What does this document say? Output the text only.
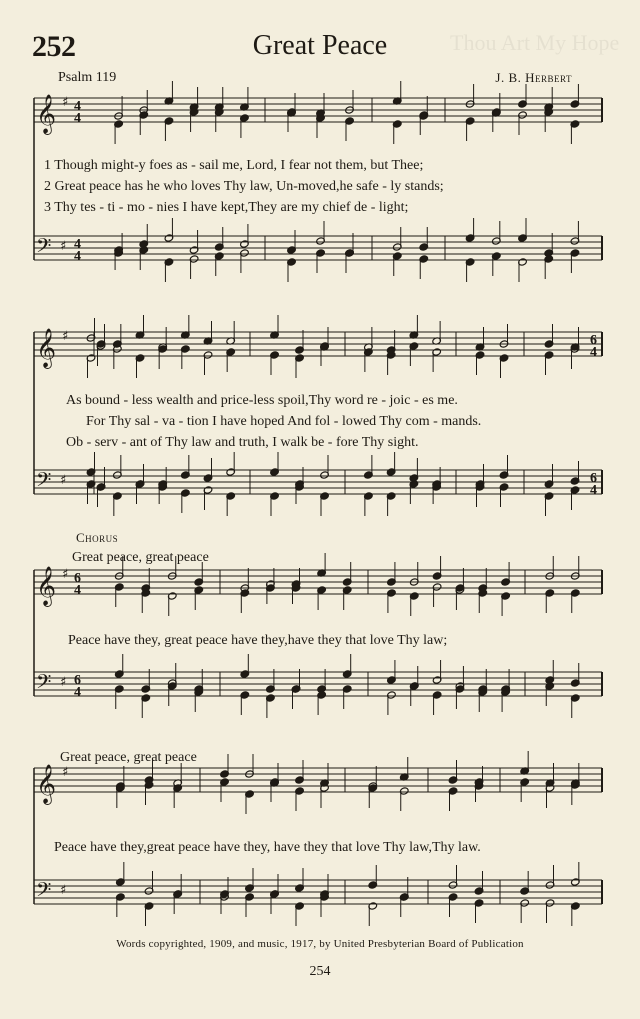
Thou Art My Hope
252	Great Peace
Psalm 119	J. B. Herbert
𝄞
𝄢
♯
♯
4
4
4
4
𝄞
𝄢
♯
♯
6
4
6
4
𝄞
𝄢
♯
♯
6
4
6
4
𝄞
𝄢
♯
♯
1 Though might-y foes as - sail me, Lord, I fear not them, but Thee;
2 Great peace has he who loves Thy law, Un-moved,he safe - ly stands;
3 Thy tes - ti - mo - nies I have kept,They are my chief de - light;
As bound - less wealth and price-less spoil,Thy word re - joic - es me.
For Thy sal - va - tion I have hoped And fol - lowed Thy com - mands.
Ob - serv - ant of Thy law and truth, I walk be - fore Thy sight.
Chorus
Great peace, great peace
Peace have they, great peace have they,have they that love Thy law;
Great peace, great peace
Peace have they,great peace have they, have they that love Thy law,Thy law.
Words copyrighted, 1909, and music, 1917, by United Presbyterian Board of Publication
254
